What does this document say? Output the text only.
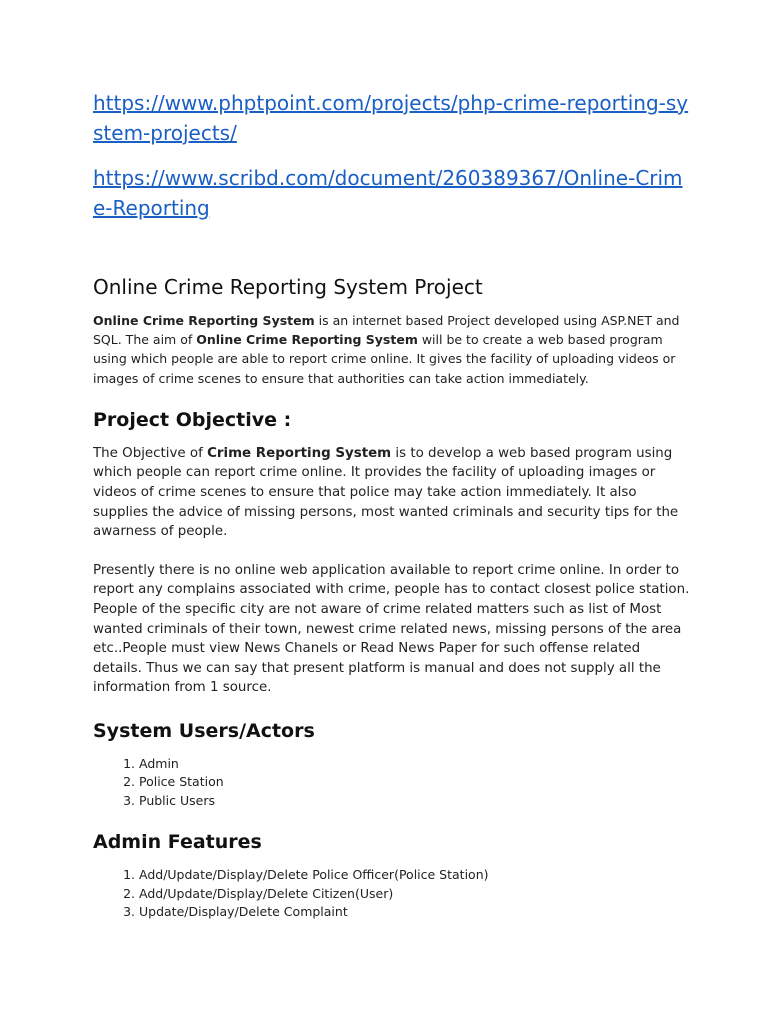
https://www.phptpoint.com/projects/php-crime-reporting-system-projects/
https://www.scribd.com/document/260389367/Online-Crime-Reporting
Online Crime Reporting System Project

Online Crime Reporting System is an internet based Project developed using ASP.NET and SQL. The aim of Online Crime Reporting System will be to create a web based program using which people are able to report crime online. It gives the facility of uploading videos or images of crime scenes to ensure that authorities can take action immediately.

Project Objective :

The Objective of Crime Reporting System is to develop a web based program using which people can report crime online. It provides the facility of uploading images or videos of crime scenes to ensure that police may take action immediately. It also supplies the advice of missing persons, most wanted criminals and security tips for the awarness of people.

Presently there is no online web application available to report crime online. In order to report any complains associated with crime, people has to contact closest police station. People of the specific city are not aware of crime related matters such as list of Most wanted criminals of their town, newest crime related news, missing persons of the area etc..People must view News Chanels or Read News Paper for such offense related details. Thus we can say that present platform is manual and does not supply all the information from 1 source.

System Users/Actors
1. Admin
2. Police Station
3. Public Users
Admin Features
1. Add/Update/Display/Delete Police Officer(Police Station)
2. Add/Update/Display/Delete Citizen(User)
3. Update/Display/Delete Complaint
